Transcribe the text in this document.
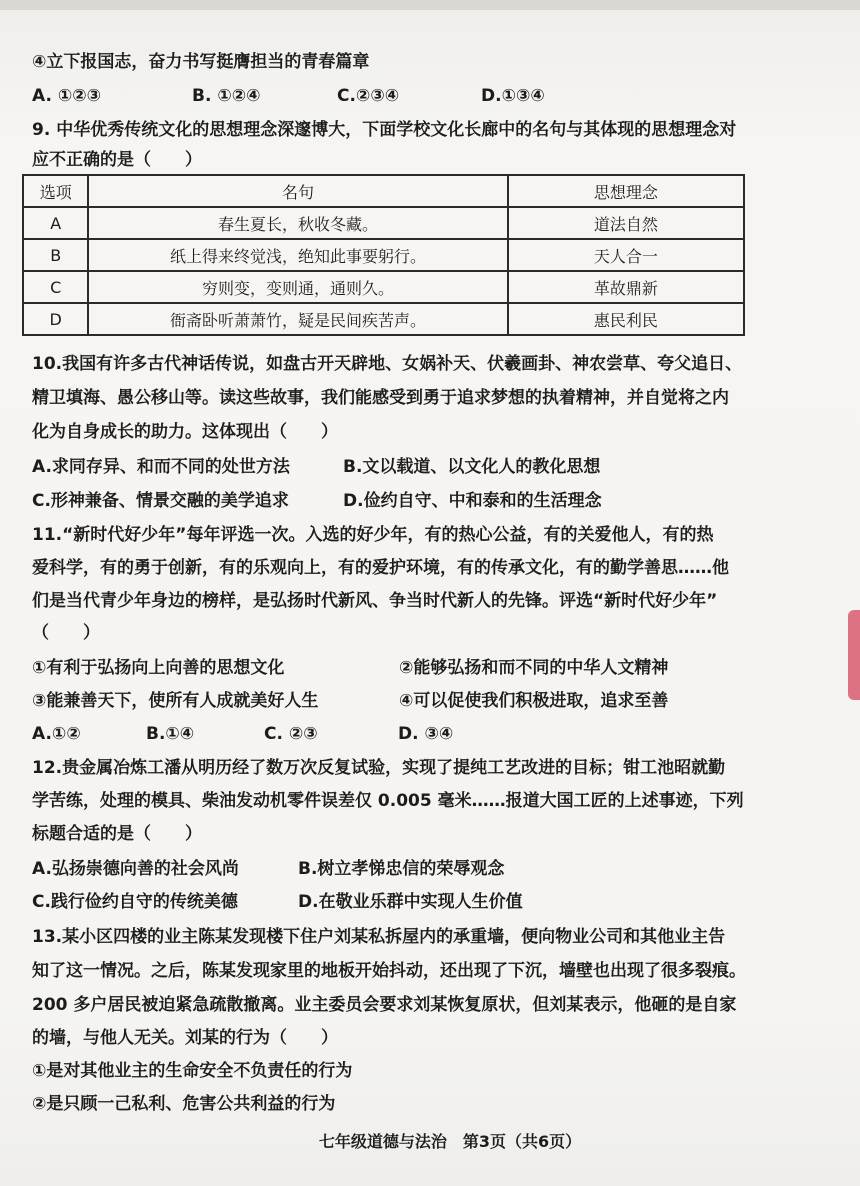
④立下报国志，奋力书写挺膺担当的青春篇章
A. ①②③	B. ①②④	C.②③④	D.①③④
9. 中华优秀传统文化的思想理念深邃博大，下面学校文化长廊中的名句与其体现的思想理念对
应不正确的是（　　）
选项	名句	思想理念
A	春生夏长，秋收冬藏。	道法自然
B	纸上得来终觉浅，绝知此事要躬行。	天人合一
C	穷则变，变则通，通则久。	革故鼎新
D	衙斋卧听萧萧竹，疑是民间疾苦声。	惠民利民
10.我国有许多古代神话传说，如盘古开天辟地、女娲补天、伏羲画卦、神农尝草、夸父追日、
精卫填海、愚公移山等。读这些故事，我们能感受到勇于追求梦想的执着精神，并自觉将之内
化为自身成长的助力。这体现出（　　）
A.求同存异、和而不同的处世方法	B.文以载道、以文化人的教化思想
C.形神兼备、情景交融的美学追求	D.俭约自守、中和泰和的生活理念
11.“新时代好少年”每年评选一次。入选的好少年，有的热心公益，有的关爱他人，有的热
爱科学，有的勇于创新，有的乐观向上，有的爱护环境，有的传承文化，有的勤学善思……他
们是当代青少年身边的榜样，是弘扬时代新风、争当时代新人的先锋。评选“新时代好少年”
（　　）
①有利于弘扬向上向善的思想文化	②能够弘扬和而不同的中华人文精神
③能兼善天下，使所有人成就美好人生	④可以促使我们积极进取，追求至善
A.①②	B.①④	C. ②③	D. ③④
12.贵金属冶炼工潘从明历经了数万次反复试验，实现了提纯工艺改进的目标；钳工池昭就勤
学苦练，处理的模具、柴油发动机零件误差仅 0.005 毫米……报道大国工匠的上述事迹，下列
标题合适的是（　　）
A.弘扬崇德向善的社会风尚	B.树立孝悌忠信的荣辱观念
C.践行俭约自守的传统美德	D.在敬业乐群中实现人生价值
13.某小区四楼的业主陈某发现楼下住户刘某私拆屋内的承重墙，便向物业公司和其他业主告
知了这一情况。之后，陈某发现家里的地板开始抖动，还出现了下沉，墙壁也出现了很多裂痕。
200 多户居民被迫紧急疏散撤离。业主委员会要求刘某恢复原状，但刘某表示，他砸的是自家
的墙，与他人无关。刘某的行为（　　）
①是对其他业主的生命安全不负责任的行为
②是只顾一己私利、危害公共利益的行为
七年级道德与法治　第3页（共6页）
